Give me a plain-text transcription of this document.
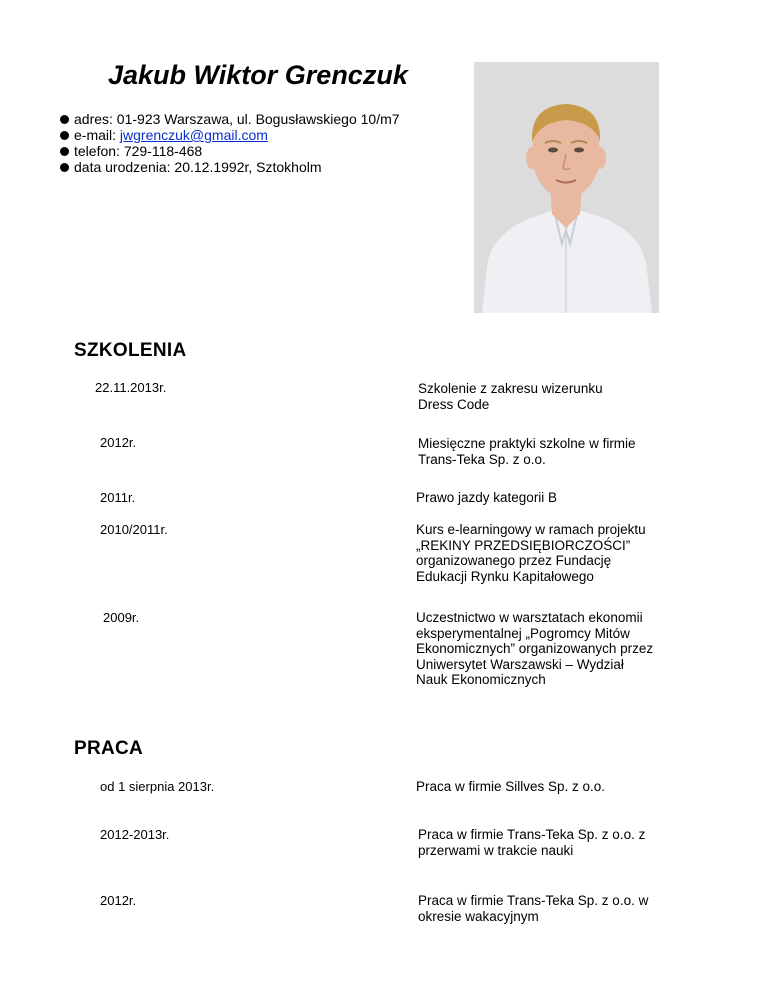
Jakub Wiktor Grenczuk
adres: 01-923 Warszawa, ul. Bogusławskiego 10/m7
e-mail: jwgrenczuk@gmail.com
telefon: 729-118-468
data urodzenia: 20.12.1992r, Sztokholm
SZKOLENIA
22.11.2013r.	Szkolenie z zakresu wizerunku
Dress Code
2012r.	Miesięczne praktyki szkolne w firmie
Trans-Teka Sp. z o.o.
2011r.	Prawo jazdy kategorii B
2010/2011r.	Kurs e-learningowy w ramach projektu
„REKINY PRZEDSIĘBIORCZOŚCI”
organizowanego przez Fundację
Edukacji Rynku Kapitałowego
2009r.	Uczestnictwo w warsztatach ekonomii
eksperymentalnej „Pogromcy Mitów
Ekonomicznych” organizowanych przez
Uniwersytet Warszawski – Wydział
Nauk Ekonomicznych
PRACA
od 1 sierpnia 2013r.	Praca w firmie Sillves Sp. z o.o.
2012-2013r.	Praca w firmie Trans-Teka Sp. z o.o. z
przerwami w trakcie nauki
2012r.	Praca w firmie Trans-Teka Sp. z o.o. w
okresie wakacyjnym
